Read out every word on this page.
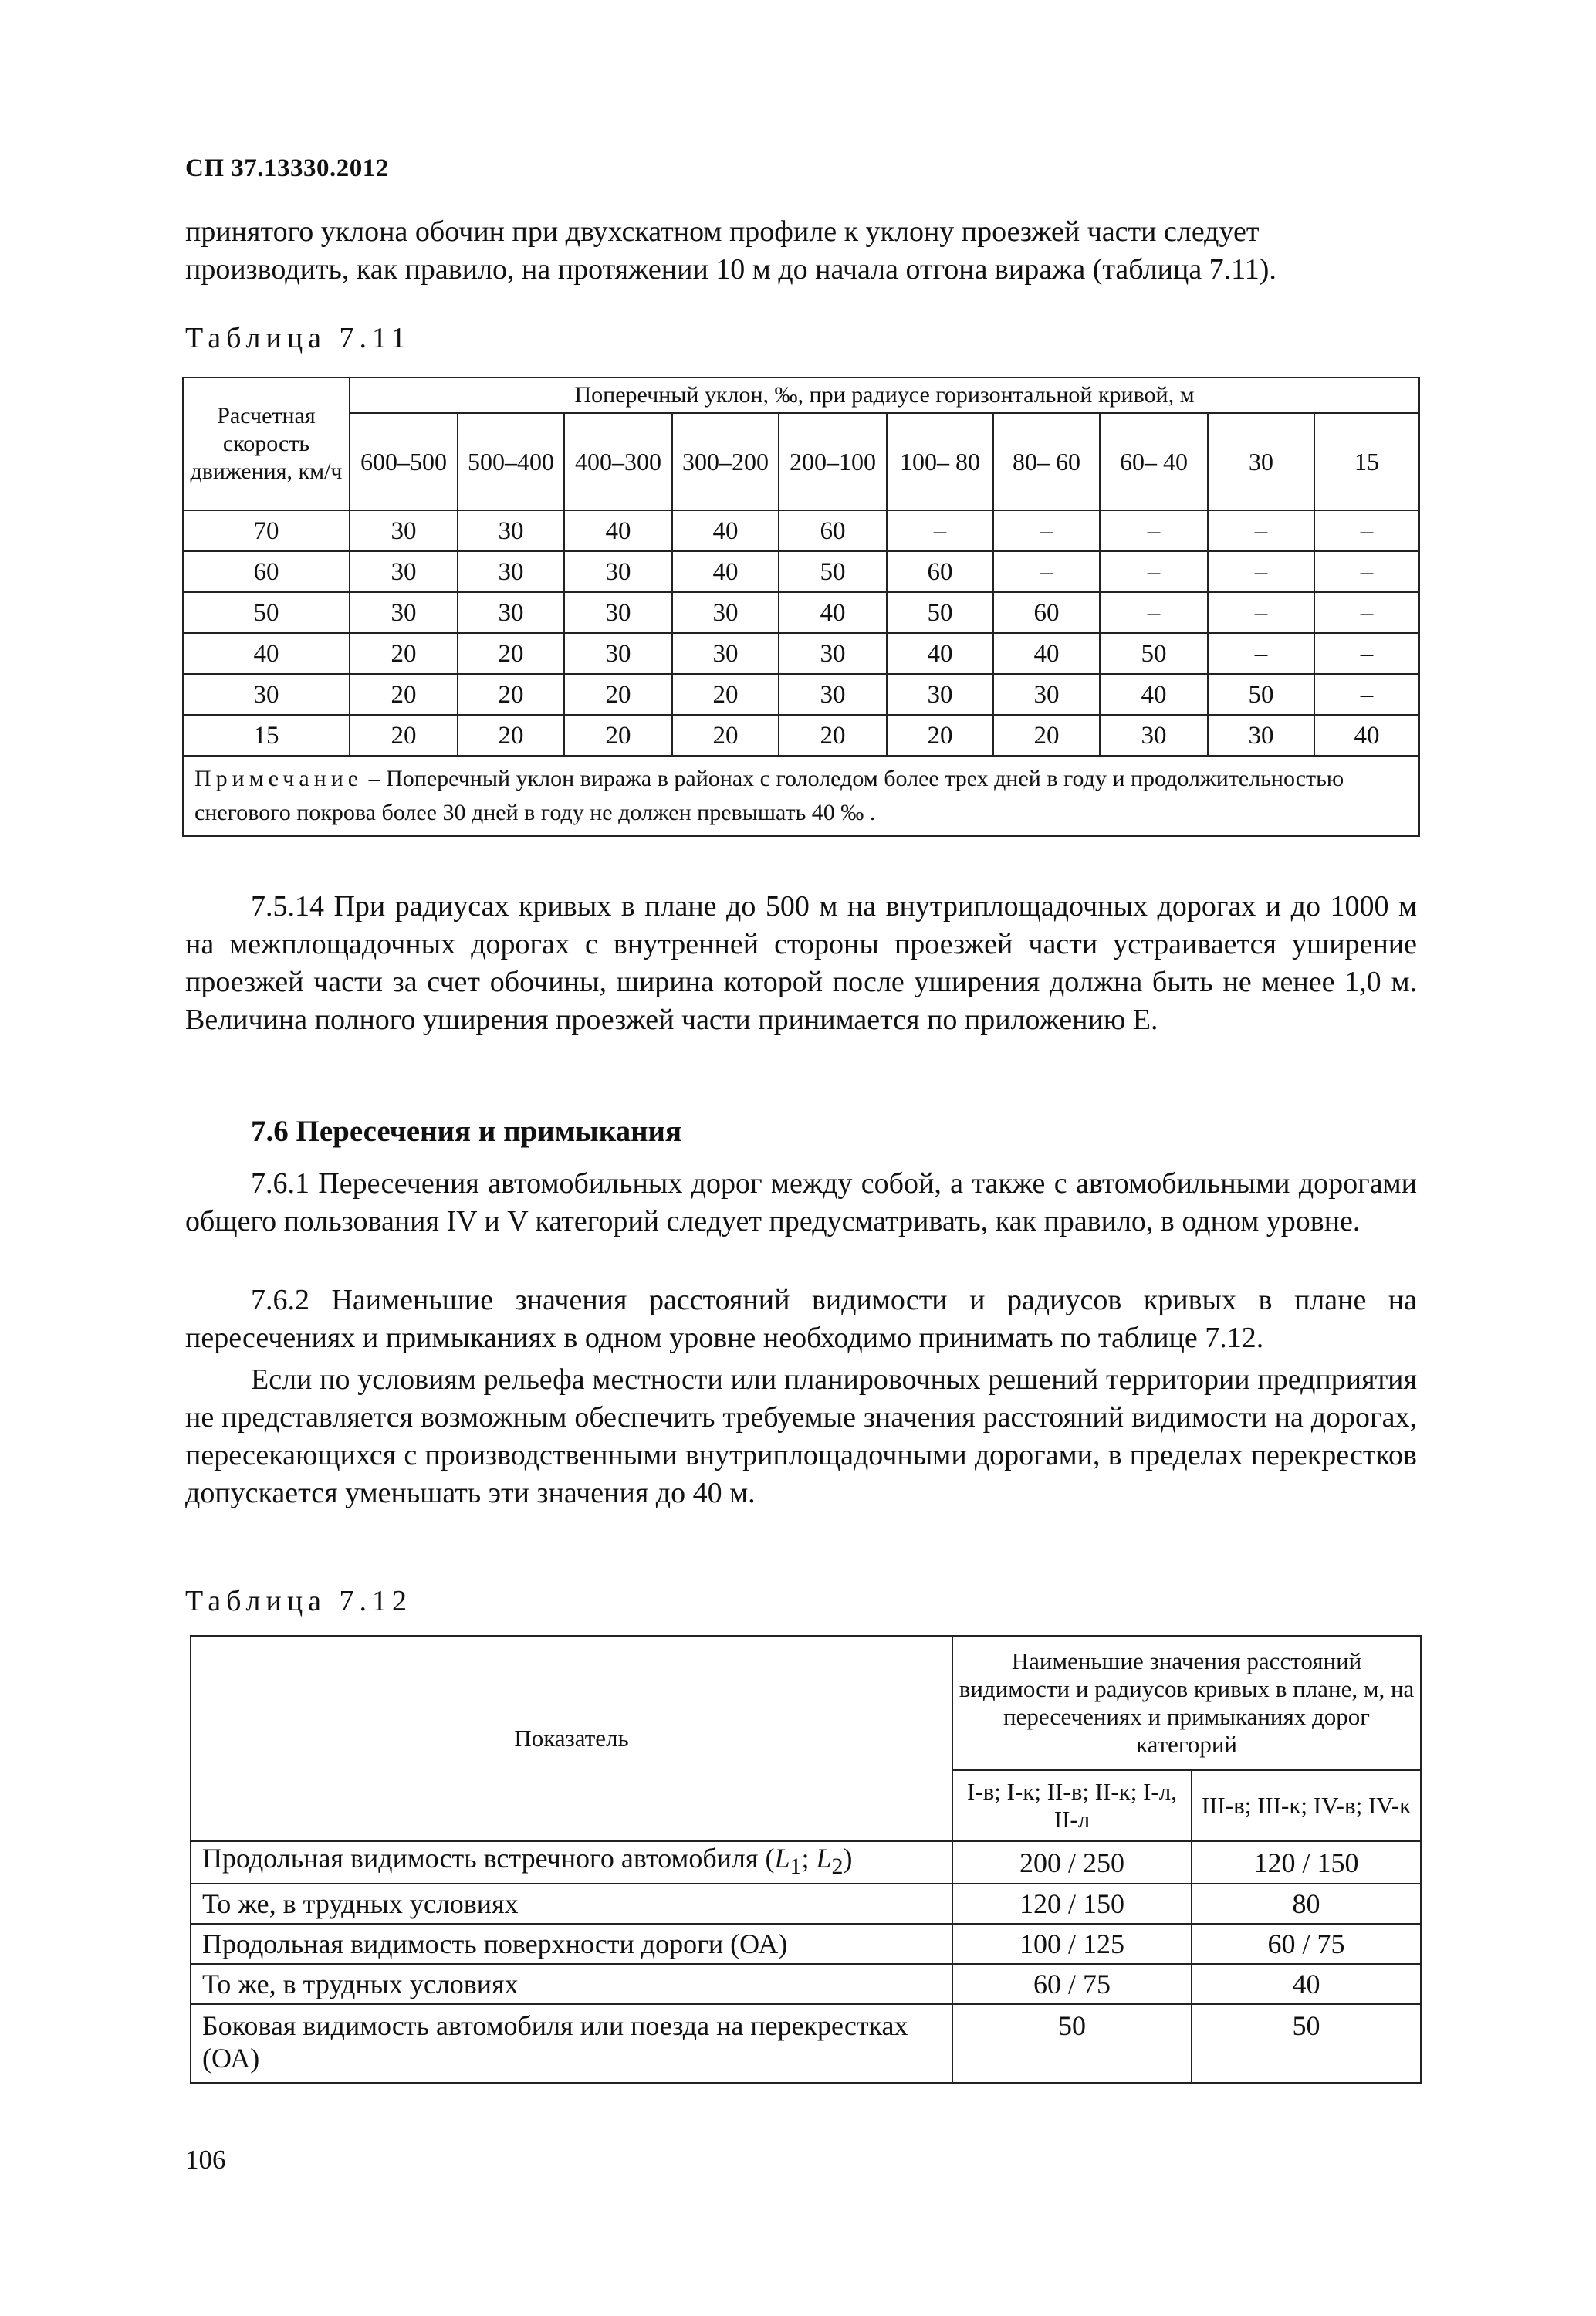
СП 37.13330.2012
принятого уклона обочин при двухскатном профиле к уклону проезжей части следует
производить, как правило, на протяжении 10 м до начала отгона виража (таблица 7.11).
Таблица 7.11
Расчетная скорость движения, км/ч	Поперечный уклон, ‰, при радиусе горизонтальной кривой, м									
	600–500	500–400	400–300	300–200	200–100	100– 80	80– 60	60– 40	30	15
70	30	30	40	40	60	–	–	–	–	–
60	30	30	30	40	50	60	–	–	–	–
50	30	30	30	30	40	50	60	–	–	–
40	20	20	30	30	30	40	40	50	–	–
30	20	20	20	20	30	30	30	40	50	–
15	20	20	20	20	20	20	20	30	30	40
Примечание – Поперечный уклон виража в районах с гололедом более трех дней в году и продолжительностью снегового покрова более 30 дней в году не должен превышать 40 ‰ .										
7.5.14 При радиусах кривых в плане до 500 м на внутриплощадочных дорогах и до 1000 м на межплощадочных дорогах с внутренней стороны проезжей части устраивается уширение проезжей части за счет обочины, ширина которой после уширения должна быть не менее 1,0 м. Величина полного уширения проезжей части принимается по приложению Е.
7.6 Пересечения и примыкания
7.6.1 Пересечения автомобильных дорог между собой, а также с автомобильными дорогами общего пользования IV и V категорий следует предусматривать, как правило, в одном уровне.
7.6.2 Наименьшие значения расстояний видимости и радиусов кривых в плане на пересечениях и примыканиях в одном уровне необходимо принимать по таблице 7.12.
Если по условиям рельефа местности или планировочных решений территории предприятия не представляется возможным обеспечить требуемые значения расстояний видимости на дорогах, пересекающихся с производственными внутриплощадочными дорогами, в пределах перекрестков допускается уменьшать эти значения до 40 м.
Таблица 7.12
Показатель	Наименьшие значения расстояний видимости и радиусов кривых в плане, м, на пересечениях и примыканиях дорог категорий	
	I-в; I-к; II-в; II-к; I-л, II-л	III-в; III-к; IV-в; IV-к
Продольная видимость встречного автомобиля ($L_1$; $L_2$)	200 / 250	120 / 150
То же, в трудных условиях	120 / 150	80
Продольная видимость поверхности дороги (ОА)	100 / 125	60 / 75
То же, в трудных условиях	60 / 75	40
Боковая видимость автомобиля или поезда на перекрестках (ОА)	50	50
106
